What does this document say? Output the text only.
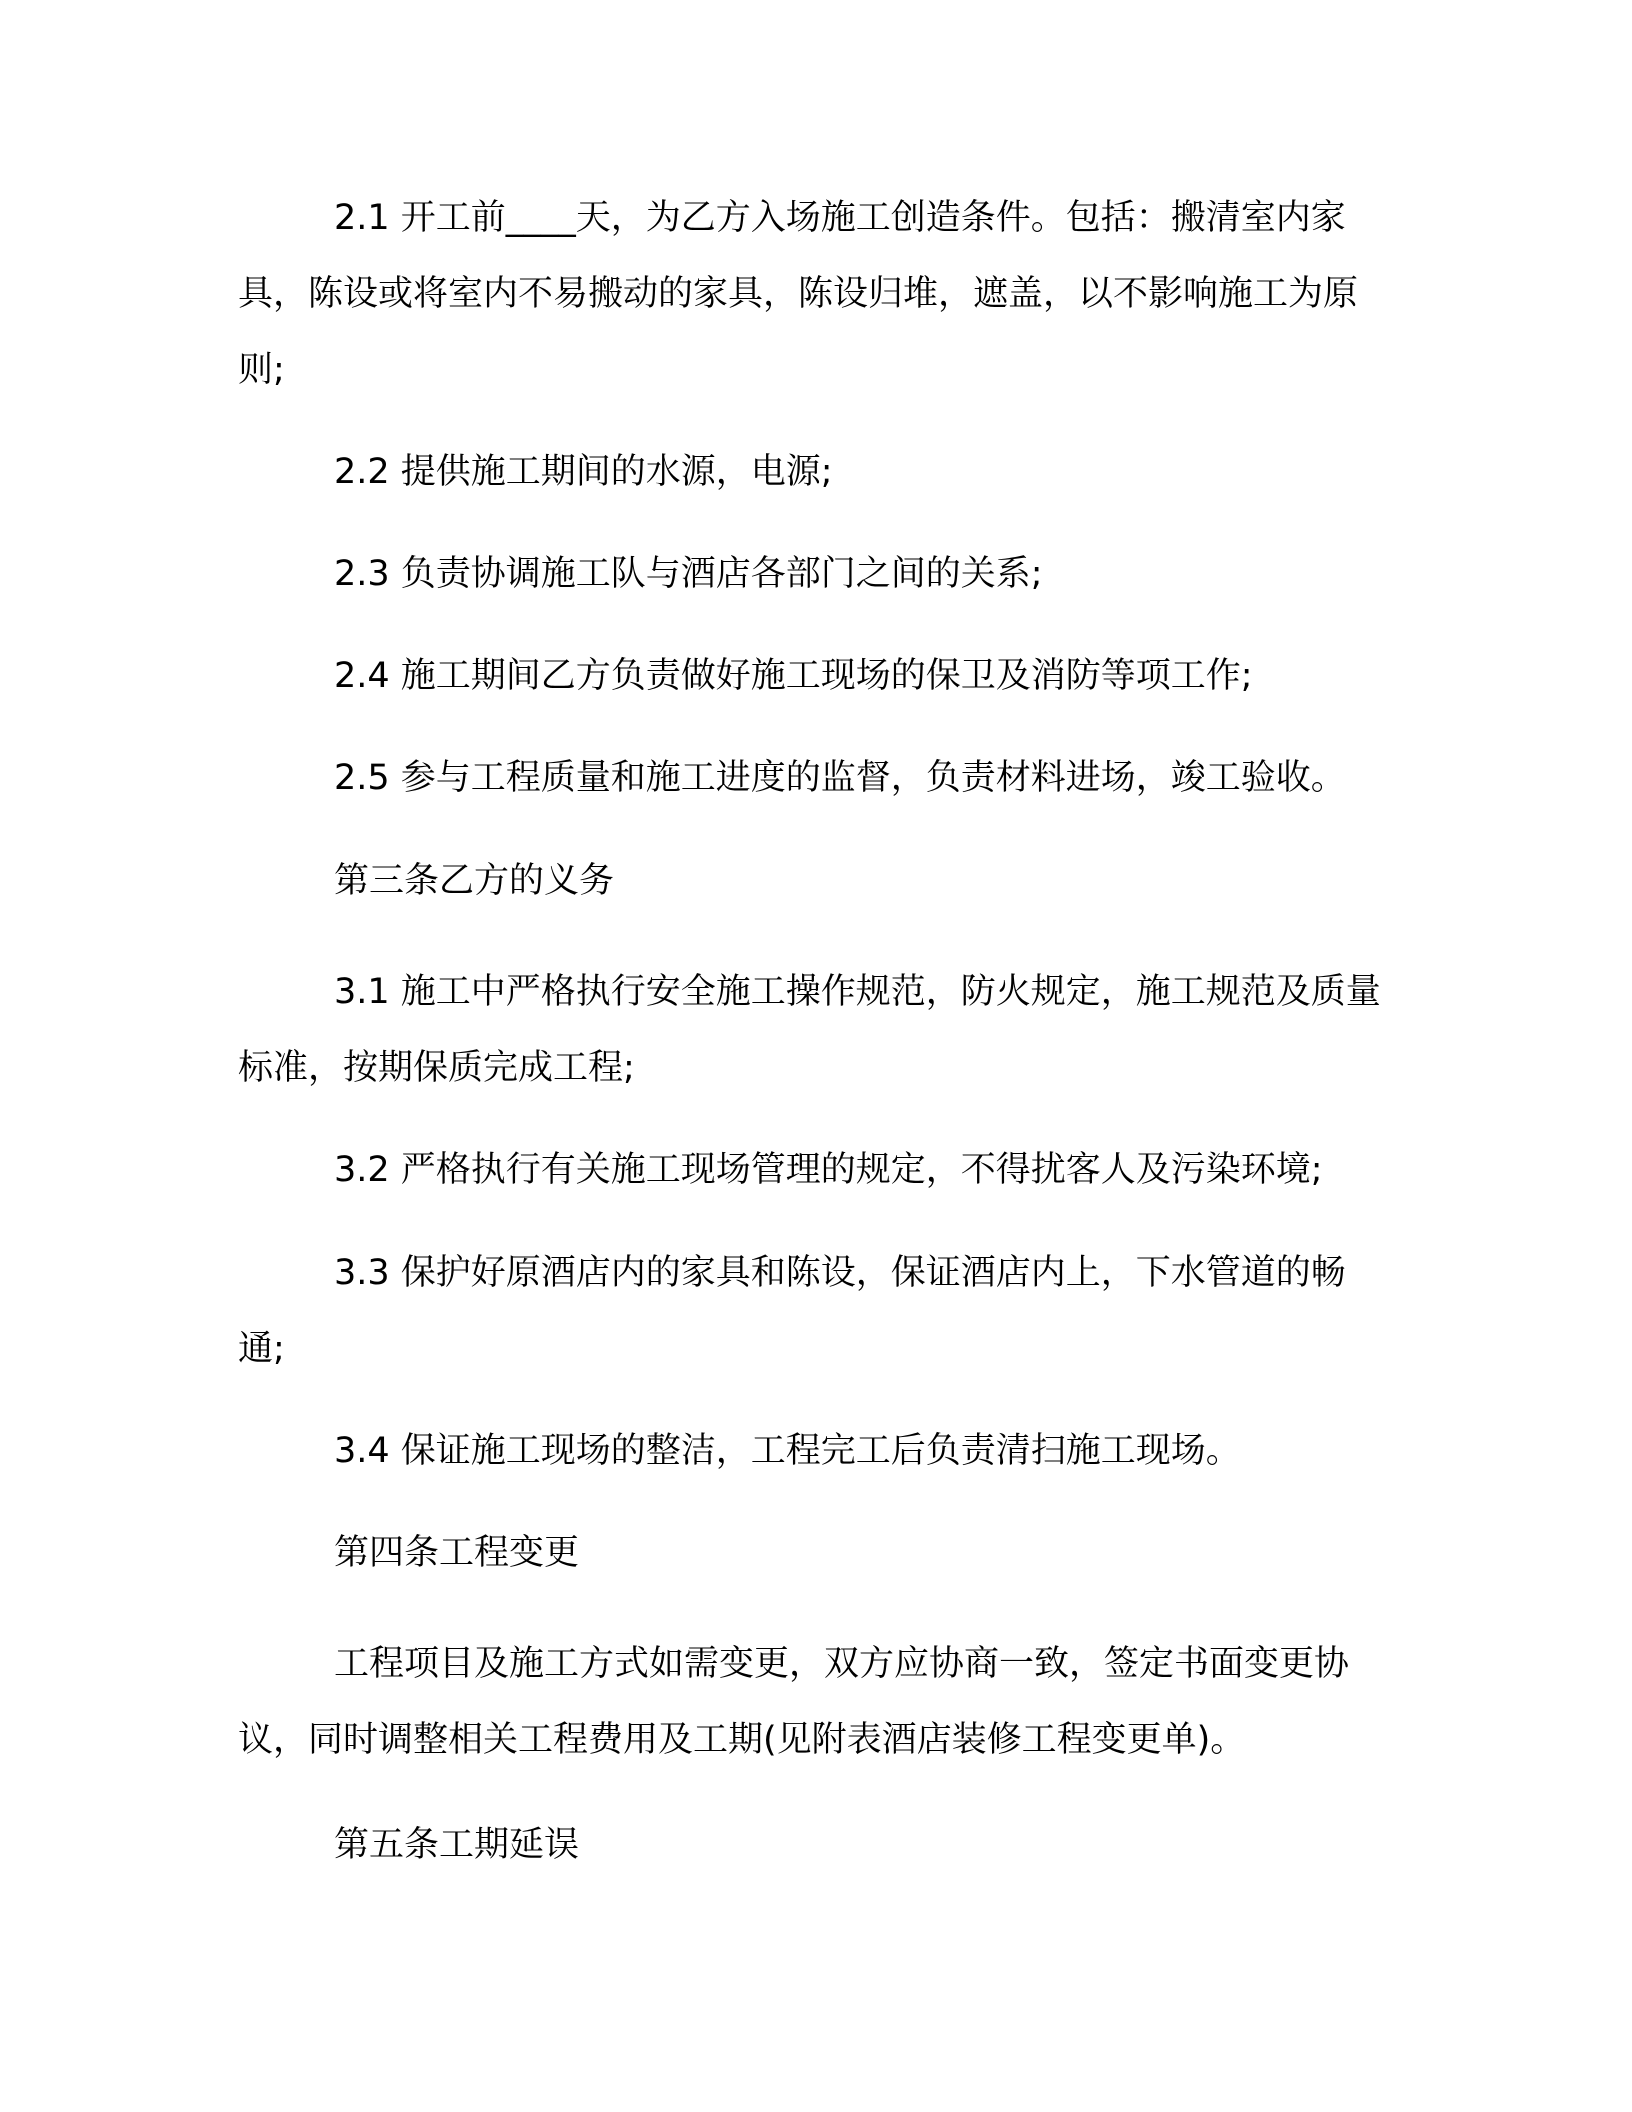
2.1 开工前____天，为乙方入场施工创造条件。包括：搬清室内家具，陈设或将室内不易搬动的家具，陈设归堆，遮盖，以不影响施工为原则;

2.2 提供施工期间的水源，电源;

2.3 负责协调施工队与酒店各部门之间的关系;

2.4 施工期间乙方负责做好施工现场的保卫及消防等项工作;

2.5 参与工程质量和施工进度的监督，负责材料进场，竣工验收。

第三条乙方的义务

3.1 施工中严格执行安全施工操作规范，防火规定，施工规范及质量标准，按期保质完成工程;

3.2 严格执行有关施工现场管理的规定，不得扰客人及污染环境;

3.3 保护好原酒店内的家具和陈设，保证酒店内上，下水管道的畅通;

3.4 保证施工现场的整洁，工程完工后负责清扫施工现场。

第四条工程变更

工程项目及施工方式如需变更，双方应协商一致，签定书面变更协议，同时调整相关工程费用及工期(见附表酒店装修工程变更单)。

第五条工期延误
